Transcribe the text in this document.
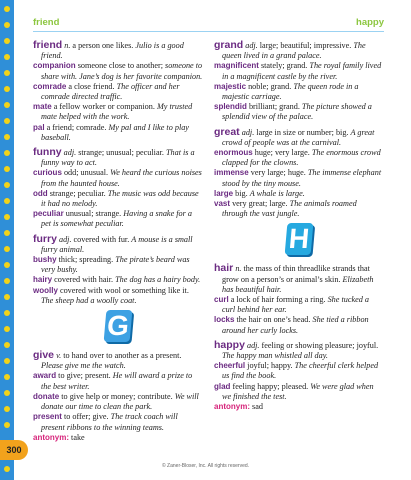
friend	happy
friend n. a person one likes. Julio is a good friend.
companion someone close to another; someone to share with. Jane’s dog is her favorite companion.
comrade a close friend. The officer and her comrade directed traffic.
mate a fellow worker or companion. My trusted mate helped with the work.
pal a friend; comrade. My pal and I like to play baseball.
funny adj. strange; unusual; peculiar. That is a funny way to act.
curious odd; unusual. We heard the curious noises from the haunted house.
odd strange; peculiar. The music was odd because it had no melody.
peculiar unusual; strange. Having a snake for a pet is somewhat peculiar.
furry adj. covered with fur. A mouse is a small furry animal.
bushy thick; spreading. The pirate’s beard was very bushy.
hairy covered with hair. The dog has a hairy body.
woolly covered with wool or something like it. The sheep had a woolly coat.
G
give v. to hand over to another as a present. Please give me the watch.
award to give; present. He will award a prize to the best writer.
donate to give help or money; contribute. We will donate our time to clean the park.
present to offer; give. The track coach will present ribbons to the winning teams.
antonym: take
grand adj. large; beautiful; impressive. The queen lived in a grand palace.
magnificent stately; grand. The royal family lived in a magnificent castle by the river.
majestic noble; grand. The queen rode in a majestic carriage.
splendid brilliant; grand. The picture showed a splendid view of the palace.
great adj. large in size or number; big. A great crowd of people was at the carnival.
enormous huge; very large. The enormous crowd clapped for the clowns.
immense very large; huge. The immense elephant stood by the tiny mouse.
large big. A whale is large.
vast very great; large. The animals roamed through the vast jungle.
H
hair n. the mass of thin threadlike strands that grow on a person’s or animal’s skin. Elizabeth has beautiful hair.
curl a lock of hair forming a ring. She tucked a curl behind her ear.
locks the hair on one’s head. She tied a ribbon around her curly locks.
happy adj. feeling or showing pleasure; joyful. The happy man whistled all day.
cheerful joyful; happy. The cheerful clerk helped us find the book.
glad feeling happy; pleased. We were glad when we finished the test.
antonym: sad
300
© Zaner-Bloser, Inc. All rights reserved.
